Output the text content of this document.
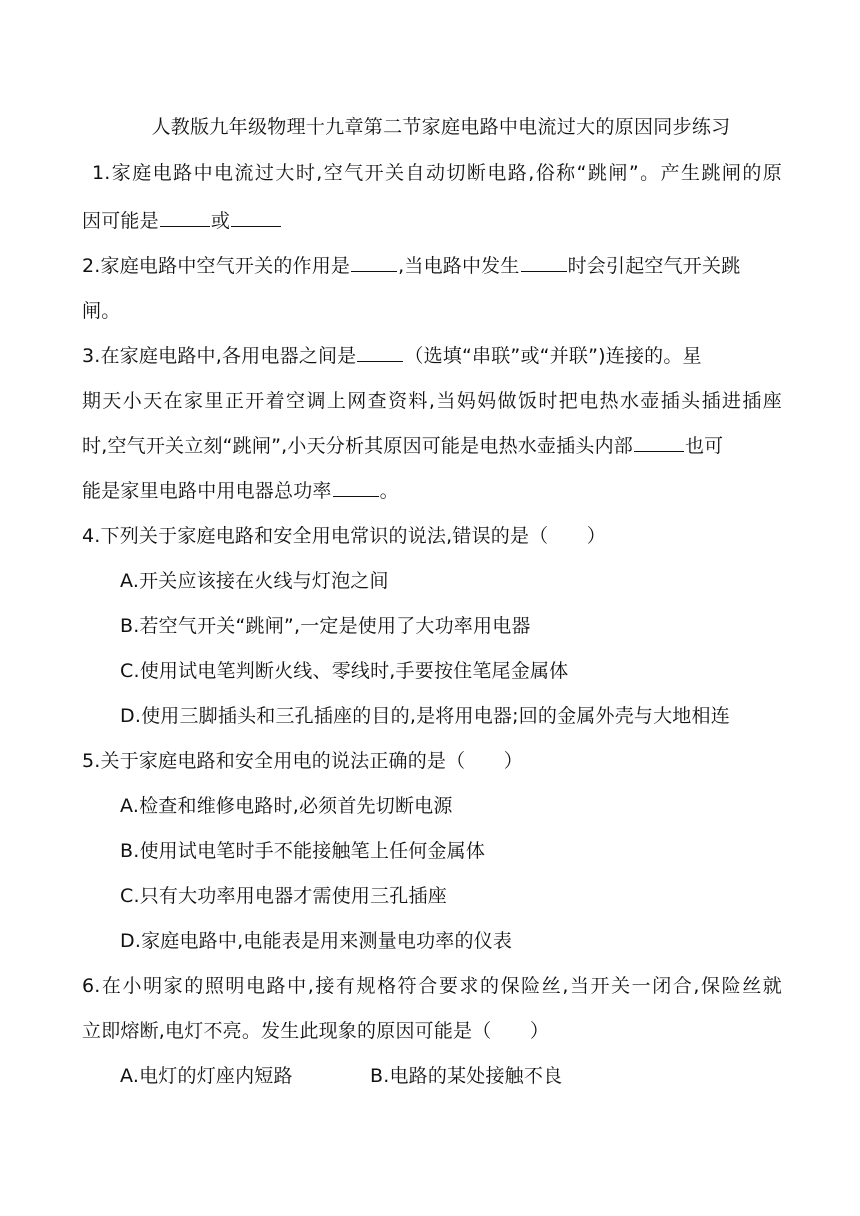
人教版九年级物理十九章第二节家庭电路中电流过大的原因同步练习
1.家庭电路中电流过大时,空气开关自动切断电路,俗称“跳闸”。产生跳闸的原
因可能是	或
2.家庭电路中空气开关的作用是	,当电路中发生	时会引起空气开关跳
闸。
3.在家庭电路中,各用电器之间是	（选填“串联”或“并联”)连接的。星
期天小天在家里正开着空调上网查资料,当妈妈做饭时把电热水壶插头插进插座
时,空气开关立刻“跳闸”,小天分析其原因可能是电热水壶插头内部	也可
能是家里电路中用电器总功率	。
4.下列关于家庭电路和安全用电常识的说法,错误的是（　　）
A.开关应该接在火线与灯泡之间
B.若空气开关“跳闸”,一定是使用了大功率用电器
C.使用试电笔判断火线、零线时,手要按住笔尾金属体
D.使用三脚插头和三孔插座的目的,是将用电器;回的金属外壳与大地相连
5.关于家庭电路和安全用电的说法正确的是（　　）
A.检查和维修电路时,必须首先切断电源
B.使用试电笔时手不能接触笔上任何金属体
C.只有大功率用电器才需使用三孔插座
D.家庭电路中,电能表是用来测量电功率的仪表
6.在小明家的照明电路中,接有规格符合要求的保险丝,当开关一闭合,保险丝就
立即熔断,电灯不亮。发生此现象的原因可能是（　　）
A.电灯的灯座内短路	B.电路的某处接触不良
